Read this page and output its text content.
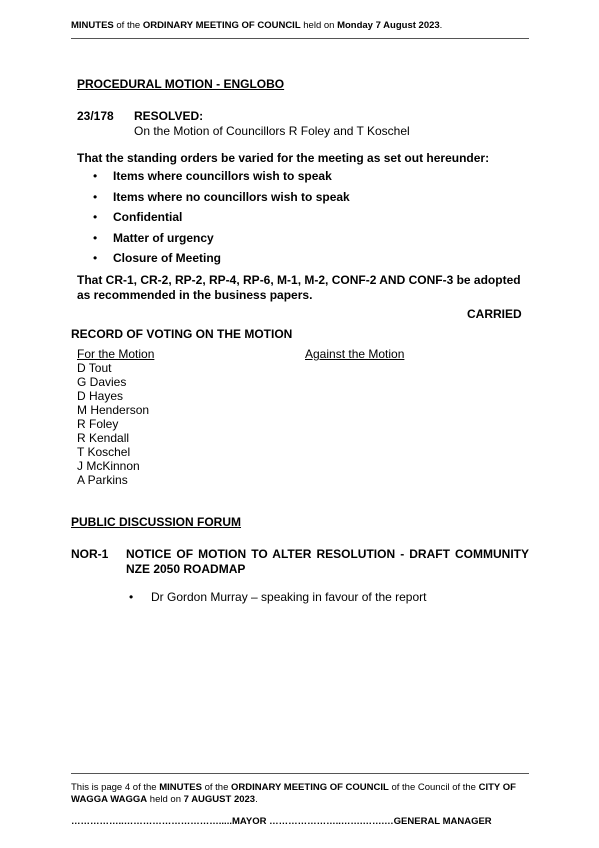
MINUTES of the ORDINARY MEETING OF COUNCIL held on Monday 7 August 2023.
PROCEDURAL MOTION - ENGLOBO
23/178 RESOLVED:
On the Motion of Councillors R Foley and T Koschel
That the standing orders be varied for the meeting as set out hereunder:
• Items where councillors wish to speak
• Items where no councillors wish to speak
• Confidential
• Matter of urgency
• Closure of Meeting
That CR-1, CR-2, RP-2, RP-4, RP-6, M-1, M-2, CONF-2 AND CONF-3 be adopted as recommended in the business papers.
CARRIED
RECORD OF VOTING ON THE MOTION
For the Motion	Against the Motion
D Tout
G Davies
D Hayes
M Henderson
R Foley
R Kendall
T Koschel
J McKinnon
A Parkins
PUBLIC DISCUSSION FORUM
NOR-1 NOTICE OF MOTION TO ALTER RESOLUTION - DRAFT COMMUNITY NZE 2050 ROADMAP
• Dr Gordon Murray – speaking in favour of the report
This is page 4 of the MINUTES of the ORDINARY MEETING OF COUNCIL of the Council of the CITY OF WAGGA WAGGA held on 7 AUGUST 2023.
……………..………………………….....MAYOR …………………..…….…….…GENERAL MANAGER
